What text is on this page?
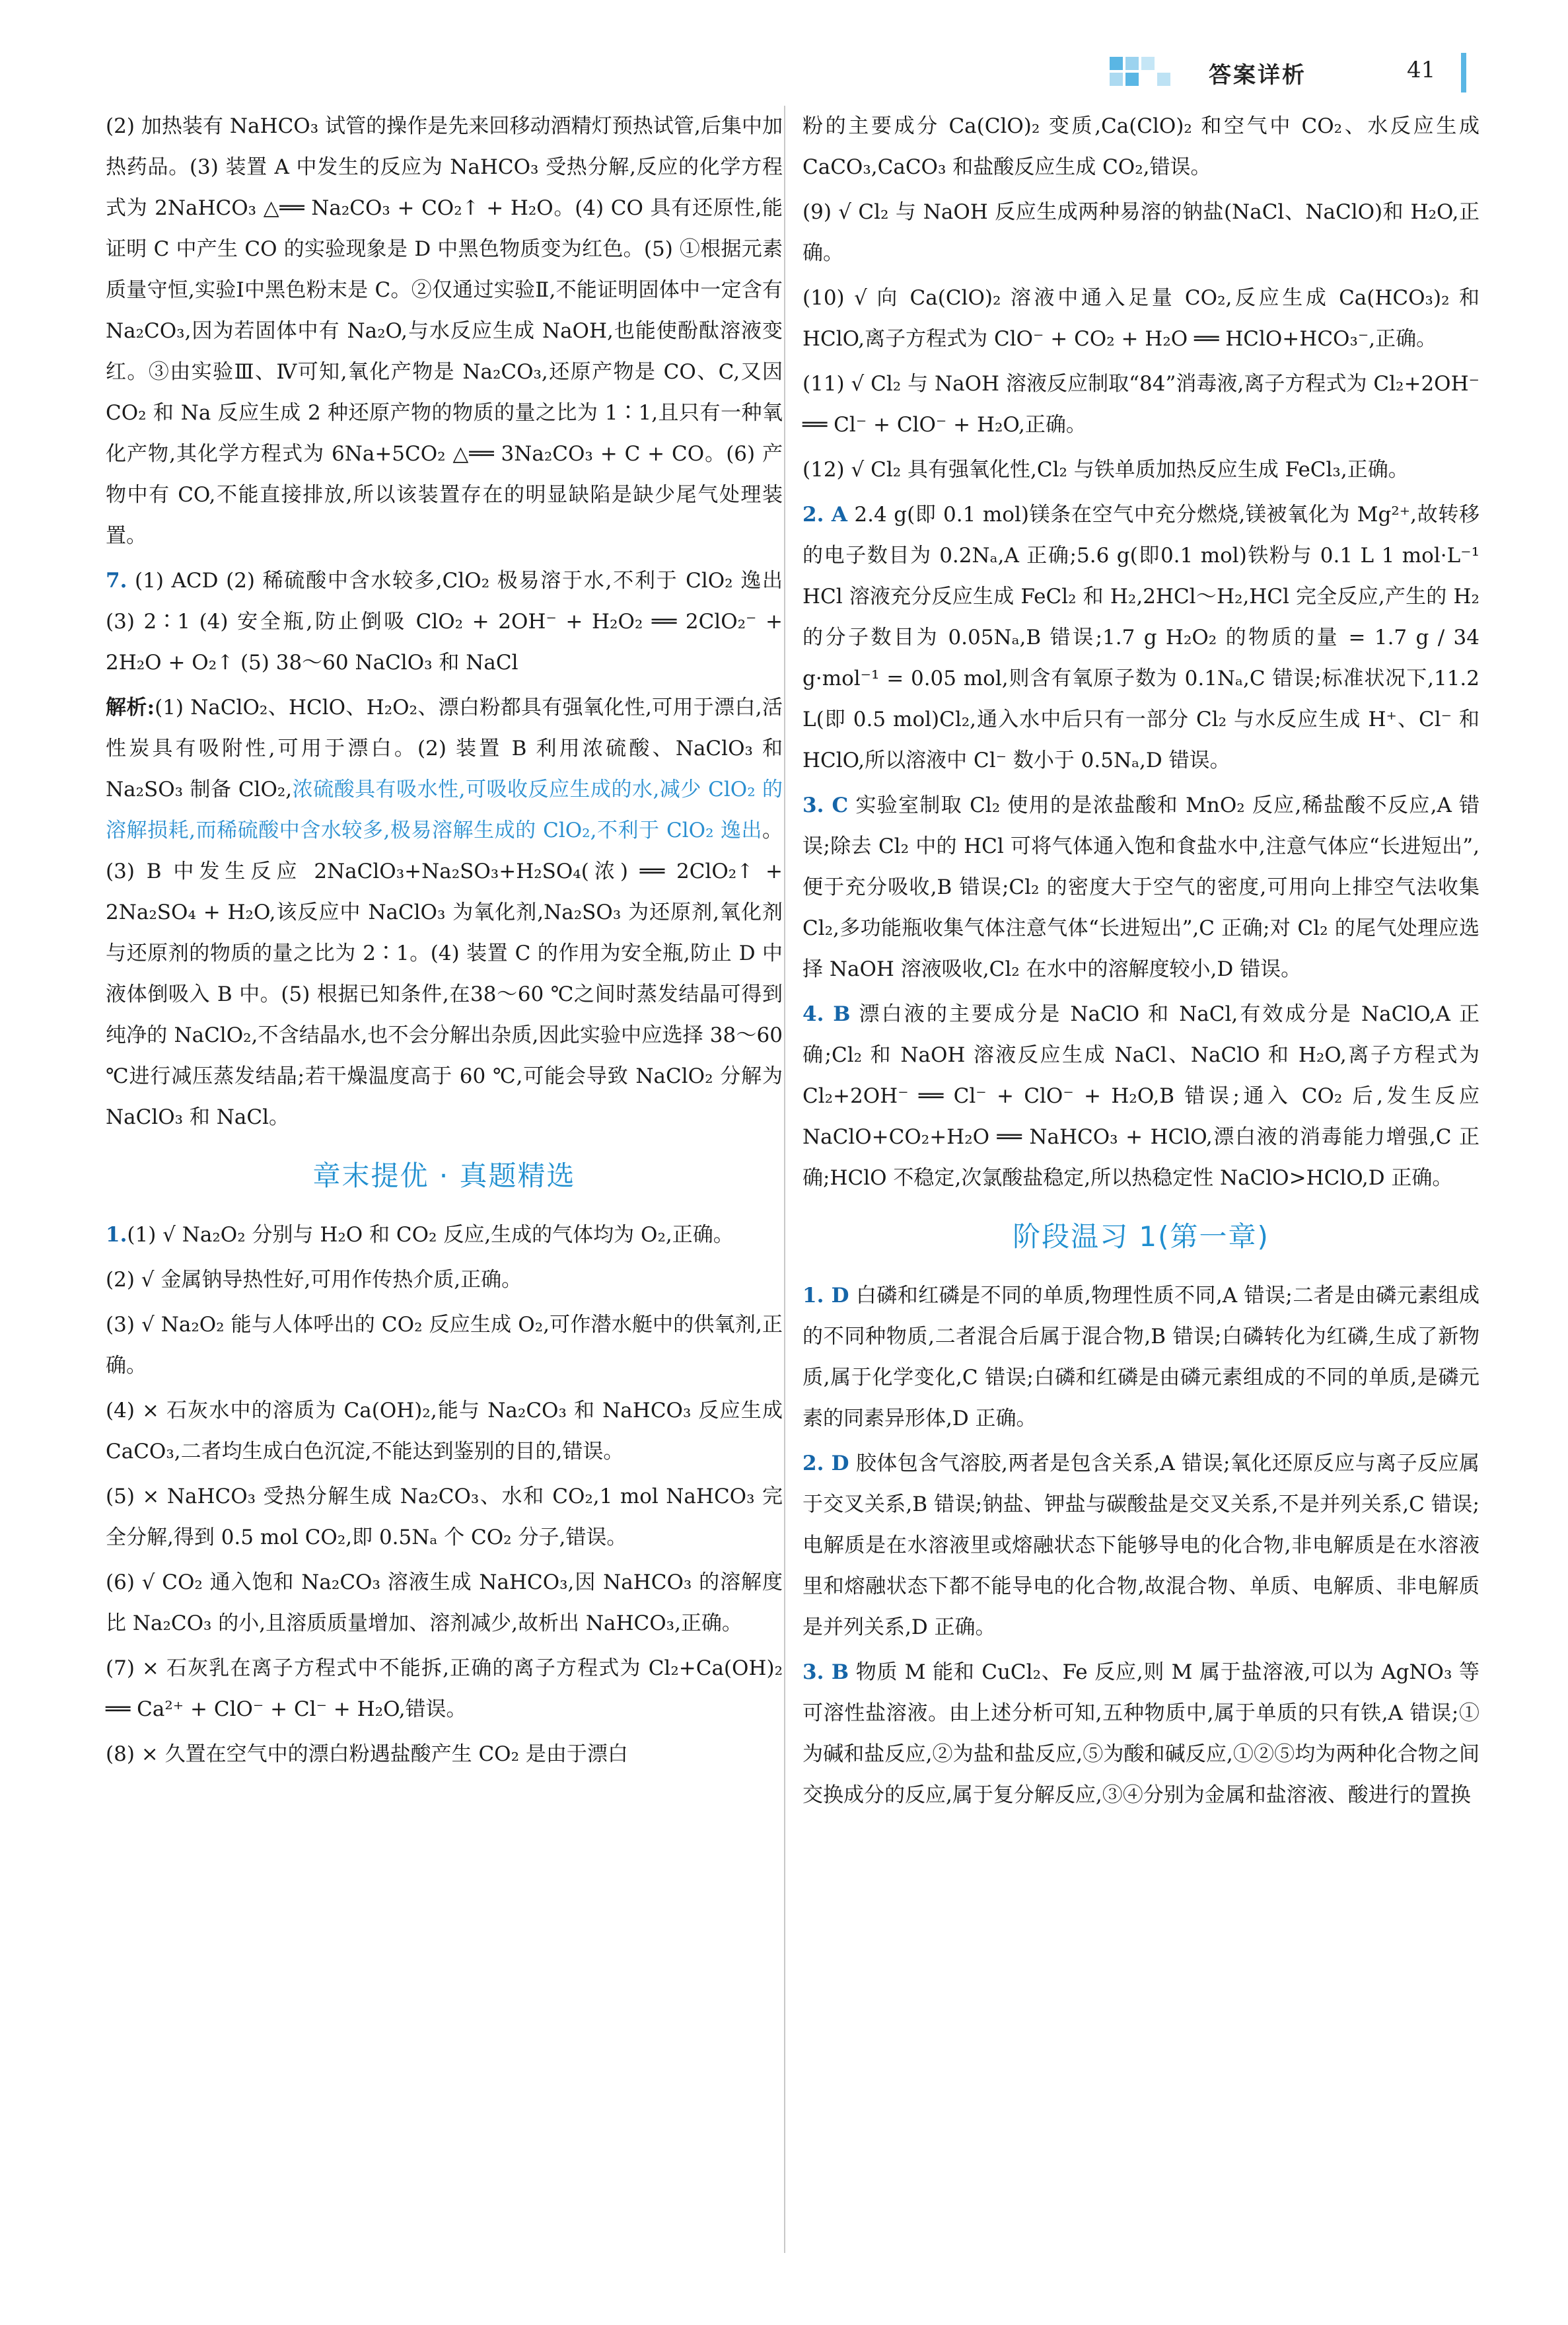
答案详析	41

(2) 加热装有 NaHCO₃ 试管的操作是先来回移动酒精灯预热试管,后集中加热药品。(3) 装置 A 中发生的反应为 NaHCO₃ 受热分解,反应的化学方程式为 2NaHCO₃ △══ Na₂CO₃ + CO₂↑ + H₂O。(4) CO 具有还原性,能证明 C 中产生 CO 的实验现象是 D 中黑色物质变为红色。(5) ①根据元素质量守恒,实验Ⅰ中黑色粉末是 C。②仅通过实验Ⅱ,不能证明固体中一定含有 Na₂CO₃,因为若固体中有 Na₂O,与水反应生成 NaOH,也能使酚酞溶液变红。③由实验Ⅲ、Ⅳ可知,氧化产物是 Na₂CO₃,还原产物是 CO、C,又因 CO₂ 和 Na 反应生成 2 种还原产物的物质的量之比为 1∶1,且只有一种氧化产物,其化学方程式为 6Na+5CO₂ △══ 3Na₂CO₃ + C + CO。(6) 产物中有 CO,不能直接排放,所以该装置存在的明显缺陷是缺少尾气处理装置。

7. (1) ACD (2) 稀硫酸中含水较多,ClO₂ 极易溶于水,不利于 ClO₂ 逸出 (3) 2∶1 (4) 安全瓶,防止倒吸 ClO₂ + 2OH⁻ + H₂O₂ ══ 2ClO₂⁻ + 2H₂O + O₂↑ (5) 38～60 NaClO₃ 和 NaCl

解析:(1) NaClO₂、HClO、H₂O₂、漂白粉都具有强氧化性,可用于漂白,活性炭具有吸附性,可用于漂白。(2) 装置 B 利用浓硫酸、NaClO₃ 和 Na₂SO₃ 制备 ClO₂,浓硫酸具有吸水性,可吸收反应生成的水,减少 ClO₂ 的溶解损耗,而稀硫酸中含水较多,极易溶解生成的 ClO₂,不利于 ClO₂ 逸出。(3) B 中发生反应 2NaClO₃+Na₂SO₃+H₂SO₄(浓) ══ 2ClO₂↑ + 2Na₂SO₄ + H₂O,该反应中 NaClO₃ 为氧化剂,Na₂SO₃ 为还原剂,氧化剂与还原剂的物质的量之比为 2∶1。(4) 装置 C 的作用为安全瓶,防止 D 中液体倒吸入 B 中。(5) 根据已知条件,在38～60 ℃之间时蒸发结晶可得到纯净的 NaClO₂,不含结晶水,也不会分解出杂质,因此实验中应选择 38～60 ℃进行减压蒸发结晶;若干燥温度高于 60 ℃,可能会导致 NaClO₂ 分解为 NaClO₃ 和 NaCl。

章末提优 · 真题精选

1.(1) √ Na₂O₂ 分别与 H₂O 和 CO₂ 反应,生成的气体均为 O₂,正确。

(2) √ 金属钠导热性好,可用作传热介质,正确。

(3) √ Na₂O₂ 能与人体呼出的 CO₂ 反应生成 O₂,可作潜水艇中的供氧剂,正确。

(4) × 石灰水中的溶质为 Ca(OH)₂,能与 Na₂CO₃ 和 NaHCO₃ 反应生成 CaCO₃,二者均生成白色沉淀,不能达到鉴别的目的,错误。

(5) × NaHCO₃ 受热分解生成 Na₂CO₃、水和 CO₂,1 mol NaHCO₃ 完全分解,得到 0.5 mol CO₂,即 0.5Nₐ 个 CO₂ 分子,错误。

(6) √ CO₂ 通入饱和 Na₂CO₃ 溶液生成 NaHCO₃,因 NaHCO₃ 的溶解度比 Na₂CO₃ 的小,且溶质质量增加、溶剂减少,故析出 NaHCO₃,正确。

(7) × 石灰乳在离子方程式中不能拆,正确的离子方程式为 Cl₂+Ca(OH)₂ ══ Ca²⁺ + ClO⁻ + Cl⁻ + H₂O,错误。

(8) × 久置在空气中的漂白粉遇盐酸产生 CO₂ 是由于漂白

粉的主要成分 Ca(ClO)₂ 变质,Ca(ClO)₂ 和空气中 CO₂、水反应生成 CaCO₃,CaCO₃ 和盐酸反应生成 CO₂,错误。

(9) √ Cl₂ 与 NaOH 反应生成两种易溶的钠盐(NaCl、NaClO)和 H₂O,正确。

(10) √ 向 Ca(ClO)₂ 溶液中通入足量 CO₂,反应生成 Ca(HCO₃)₂ 和 HClO,离子方程式为 ClO⁻ + CO₂ + H₂O ══ HClO+HCO₃⁻,正确。

(11) √ Cl₂ 与 NaOH 溶液反应制取“84”消毒液,离子方程式为 Cl₂+2OH⁻ ══ Cl⁻ + ClO⁻ + H₂O,正确。

(12) √ Cl₂ 具有强氧化性,Cl₂ 与铁单质加热反应生成 FeCl₃,正确。

2. A 2.4 g(即 0.1 mol)镁条在空气中充分燃烧,镁被氧化为 Mg²⁺,故转移的电子数目为 0.2Nₐ,A 正确;5.6 g(即0.1 mol)铁粉与 0.1 L 1 mol·L⁻¹ HCl 溶液充分反应生成 FeCl₂ 和 H₂,2HCl～H₂,HCl 完全反应,产生的 H₂ 的分子数目为 0.05Nₐ,B 错误;1.7 g H₂O₂ 的物质的量 = 1.7 g / 34 g·mol⁻¹ = 0.05 mol,则含有氧原子数为 0.1Nₐ,C 错误;标准状况下,11.2 L(即 0.5 mol)Cl₂,通入水中后只有一部分 Cl₂ 与水反应生成 H⁺、Cl⁻ 和 HClO,所以溶液中 Cl⁻ 数小于 0.5Nₐ,D 错误。

3. C 实验室制取 Cl₂ 使用的是浓盐酸和 MnO₂ 反应,稀盐酸不反应,A 错误;除去 Cl₂ 中的 HCl 可将气体通入饱和食盐水中,注意气体应“长进短出”,便于充分吸收,B 错误;Cl₂ 的密度大于空气的密度,可用向上排空气法收集 Cl₂,多功能瓶收集气体注意气体“长进短出”,C 正确;对 Cl₂ 的尾气处理应选择 NaOH 溶液吸收,Cl₂ 在水中的溶解度较小,D 错误。

4. B 漂白液的主要成分是 NaClO 和 NaCl,有效成分是 NaClO,A 正确;Cl₂ 和 NaOH 溶液反应生成 NaCl、NaClO 和 H₂O,离子方程式为 Cl₂+2OH⁻ ══ Cl⁻ + ClO⁻ + H₂O,B 错误;通入 CO₂ 后,发生反应 NaClO+CO₂+H₂O ══ NaHCO₃ + HClO,漂白液的消毒能力增强,C 正确;HClO 不稳定,次氯酸盐稳定,所以热稳定性 NaClO>HClO,D 正确。

阶段温习 1(第一章)

1. D 白磷和红磷是不同的单质,物理性质不同,A 错误;二者是由磷元素组成的不同种物质,二者混合后属于混合物,B 错误;白磷转化为红磷,生成了新物质,属于化学变化,C 错误;白磷和红磷是由磷元素组成的不同的单质,是磷元素的同素异形体,D 正确。

2. D 胶体包含气溶胶,两者是包含关系,A 错误;氧化还原反应与离子反应属于交叉关系,B 错误;钠盐、钾盐与碳酸盐是交叉关系,不是并列关系,C 错误;电解质是在水溶液里或熔融状态下能够导电的化合物,非电解质是在水溶液里和熔融状态下都不能导电的化合物,故混合物、单质、电解质、非电解质是并列关系,D 正确。

3. B 物质 M 能和 CuCl₂、Fe 反应,则 M 属于盐溶液,可以为 AgNO₃ 等可溶性盐溶液。由上述分析可知,五种物质中,属于单质的只有铁,A 错误;①为碱和盐反应,②为盐和盐反应,⑤为酸和碱反应,①②⑤均为两种化合物之间交换成分的反应,属于复分解反应,③④分别为金属和盐溶液、酸进行的置换
